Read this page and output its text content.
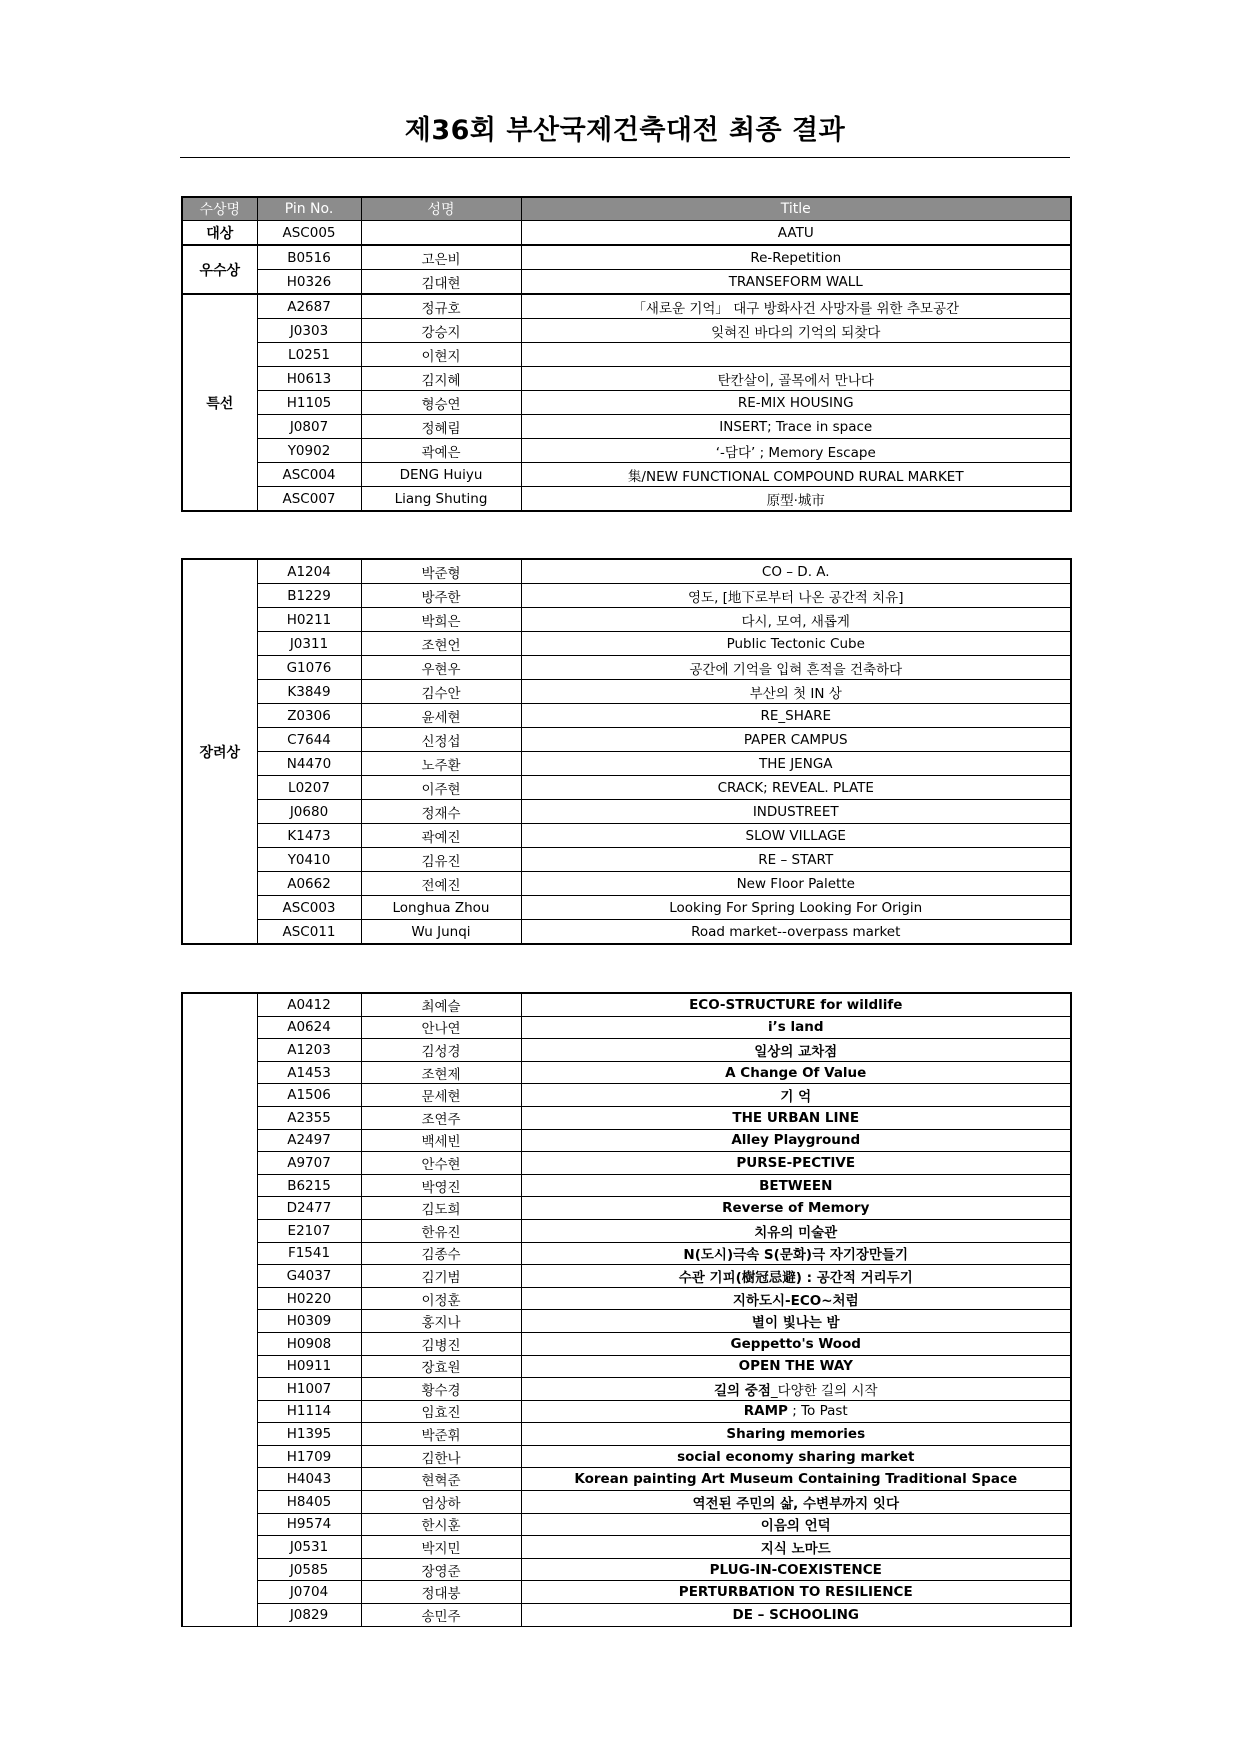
제36회 부산국제건축대전 최종 결과
수상명	Pin No.	성명	Title
대상	ASC005		AATU
우수상	B0516	고은비	Re-Repetition
	H0326	김대현	TRANSEFORM WALL
특선	A2687	정규호	「새로운 기억」 대구 방화사건 사망자를 위한 추모공간
	J0303	강승지	잊혀진 바다의 기억의 되찾다
	L0251	이현지	
	H0613	김지혜	탄칸살이, 골목에서 만나다
	H1105	형승연	RE-MIX HOUSING
	J0807	정혜림	INSERT; Trace in space
	Y0902	곽예은	‘-담다’ ; Memory Escape
	ASC004	DENG Huiyu	集/NEW FUNCTIONAL COMPOUND RURAL MARKET
	ASC007	Liang Shuting	原型·城市
장려상	A1204	박준형	CO – D. A.
	B1229	방주한	영도, [地下로부터 나온 공간적 치유]
	H0211	박희은	다시, 모여, 새롭게
	J0311	조현언	Public Tectonic Cube
	G1076	우현우	공간에 기억을 입혀 흔적을 건축하다
	K3849	김수안	부산의 첫 IN 상
	Z0306	윤세현	RE_SHARE
	C7644	신정섭	PAPER CAMPUS
	N4470	노주환	THE JENGA
	L0207	이주현	CRACK; REVEAL. PLATE
	J0680	정재수	INDUSTREET
	K1473	곽예진	SLOW VILLAGE
	Y0410	김유진	RE – START
	A0662	전예진	New Floor Palette
	ASC003	Longhua Zhou	Looking For Spring Looking For Origin
	ASC011	Wu Junqi	Road market--overpass market
	A0412	최예슬	ECO-STRUCTURE for wildlife
	A0624	안나연	i’s land
	A1203	김성경	일상의 교차점
	A1453	조현제	A Change Of Value
	A1506	문세현	기 억
	A2355	조연주	THE URBAN LINE
	A2497	백세빈	Alley Playground
	A9707	안수현	PURSE-PECTIVE
	B6215	박영진	BETWEEN
	D2477	김도희	Reverse of Memory
	E2107	한유진	치유의 미술관
	F1541	김종수	N(도시)극속 S(문화)극 자기장만들기
	G4037	김기범	수관 기피(樹冠忌避) : 공간적 거리두기
	H0220	이정훈	지하도시-ECO~처럼
	H0309	홍지나	별이 빛나는 밤
	H0908	김병진	Geppetto's Wood
	H0911	장효원	OPEN THE WAY
	H1007	황수경	길의 중점_다양한 길의 시작
	H1114	임효진	RAMP ; To Past
	H1395	박준휘	Sharing memories
	H1709	김한나	social economy sharing market
	H4043	현혁준	Korean painting Art Museum Containing Traditional Space
	H8405	엄상하	역전된 주민의 삶, 수변부까지 잇다
	H9574	한시훈	이음의 언덕
	J0531	박지민	지식 노마드
	J0585	장영준	PLUG-IN-COEXISTENCE
	J0704	정대붕	PERTURBATION TO RESILIENCE
	J0829	송민주	DE – SCHOOLING
